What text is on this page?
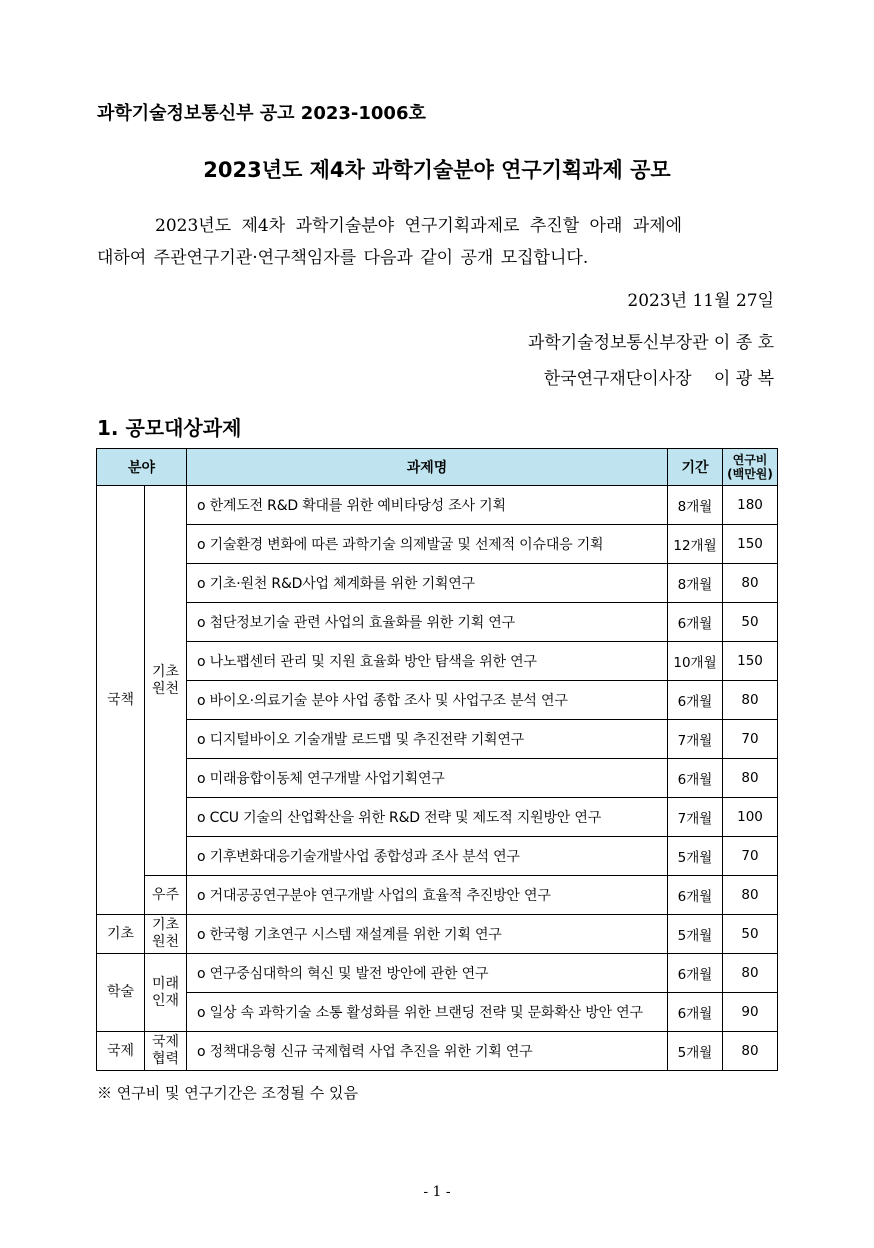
과학기술정보통신부 공고 2023-1006호
2023년도 제4차 과학기술분야 연구기획과제 공모
2023년도 제4차 과학기술분야 연구기획과제로 추진할 아래 과제에
대하여 주관연구기관·연구책임자를 다음과 같이 공개 모집합니다.
2023년 11월 27일
과학기술정보통신부장관 이 종 호
한국연구재단이사장　 이 광 복
1. 공모대상과제
분야		과제명	기간	연구비
(백만원)
국책	기초
원천	o 한계도전 R&D 확대를 위한 예비타당성 조사 기획	8개월	180
		o 기술환경 변화에 따른 과학기술 의제발굴 및 선제적 이슈대응 기획	12개월	150
		o 기초·원천 R&D사업 체계화를 위한 기획연구	8개월	80
		o 첨단정보기술 관련 사업의 효율화를 위한 기획 연구	6개월	50
		o 나노팹센터 관리 및 지원 효율화 방안 탐색을 위한 연구	10개월	150
		o 바이오·의료기술 분야 사업 종합 조사 및 사업구조 분석 연구	6개월	80
		o 디지털바이오 기술개발 로드맵 및 추진전략 기획연구	7개월	70
		o 미래융합이동체 연구개발 사업기획연구	6개월	80
		o CCU 기술의 산업확산을 위한 R&D 전략 및 제도적 지원방안 연구	7개월	100
		o 기후변화대응기술개발사업 종합성과 조사 분석 연구	5개월	70
	우주	o 거대공공연구분야 연구개발 사업의 효율적 추진방안 연구	6개월	80
기초	기초
원천	o 한국형 기초연구 시스템 재설계를 위한 기획 연구	5개월	50
학술	미래
인재	o 연구중심대학의 혁신 및 발전 방안에 관한 연구	6개월	80
		o 일상 속 과학기술 소통 활성화를 위한 브랜딩 전략 및 문화확산 방안 연구	6개월	90
국제	국제
협력	o 정책대응형 신규 국제협력 사업 추진을 위한 기획 연구	5개월	80
※ 연구비 및 연구기간은 조정될 수 있음
- 1 -
